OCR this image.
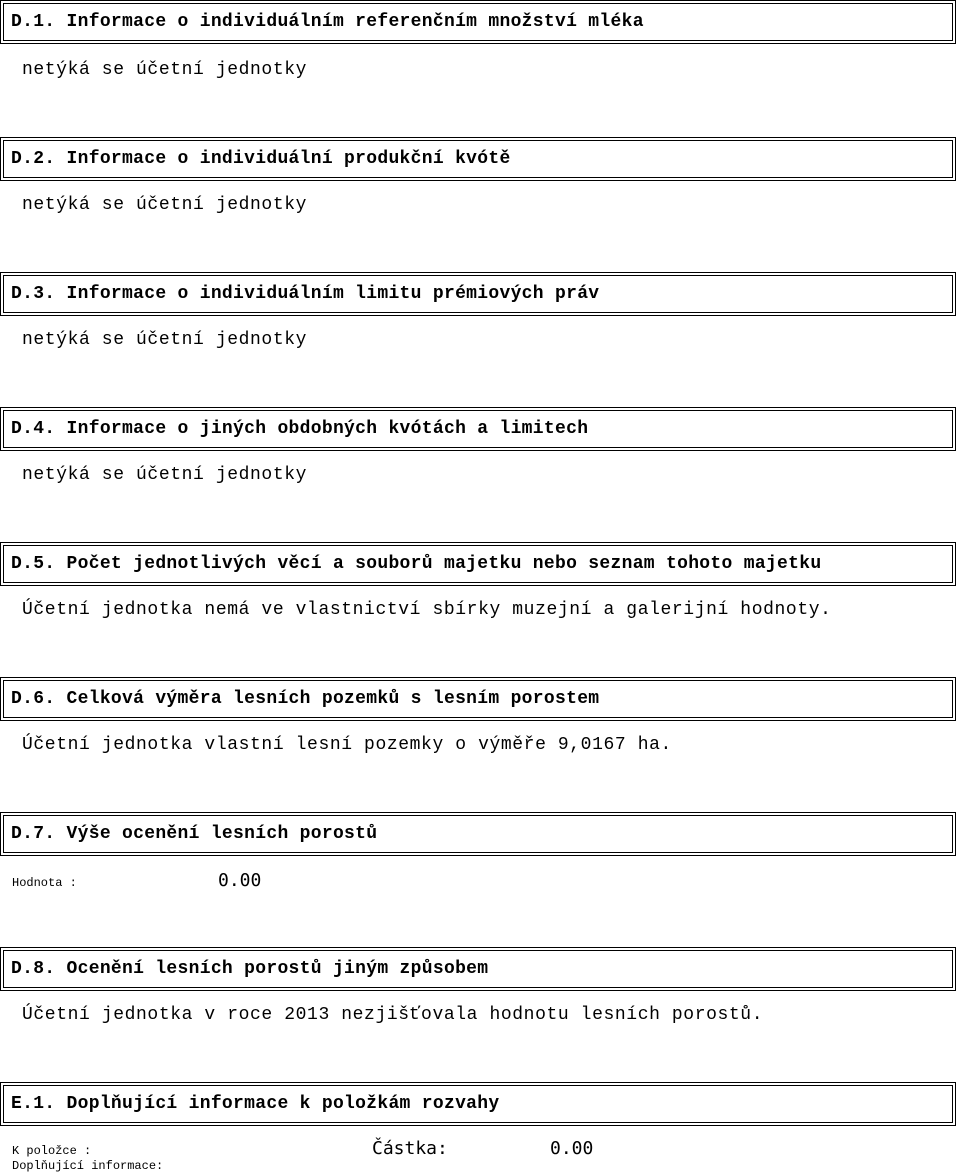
D.1. Informace o individuálním referenčním množství mléka
netýká se účetní jednotky
D.2. Informace o individuální produkční kvótě
netýká se účetní jednotky
D.3. Informace o individuálním limitu prémiových práv
netýká se účetní jednotky
D.4. Informace o jiných obdobných kvótách a limitech
netýká se účetní jednotky
D.5. Počet jednotlivých věcí a souborů majetku nebo seznam tohoto majetku
Účetní jednotka nemá ve vlastnictví sbírky muzejní a galerijní hodnoty.
D.6. Celková výměra lesních pozemků s lesním porostem
Účetní jednotka vlastní lesní pozemky o výměře 9,0167 ha.
D.7. Výše ocenění lesních porostů
Hodnota :	0.00
D.8. Ocenění lesních porostů jiným způsobem
Účetní jednotka v roce 2013 nezjišťovala hodnotu lesních porostů.
E.1. Doplňující informace k položkám rozvahy
K položce :	Částka:	0.00
Doplňující informace:
